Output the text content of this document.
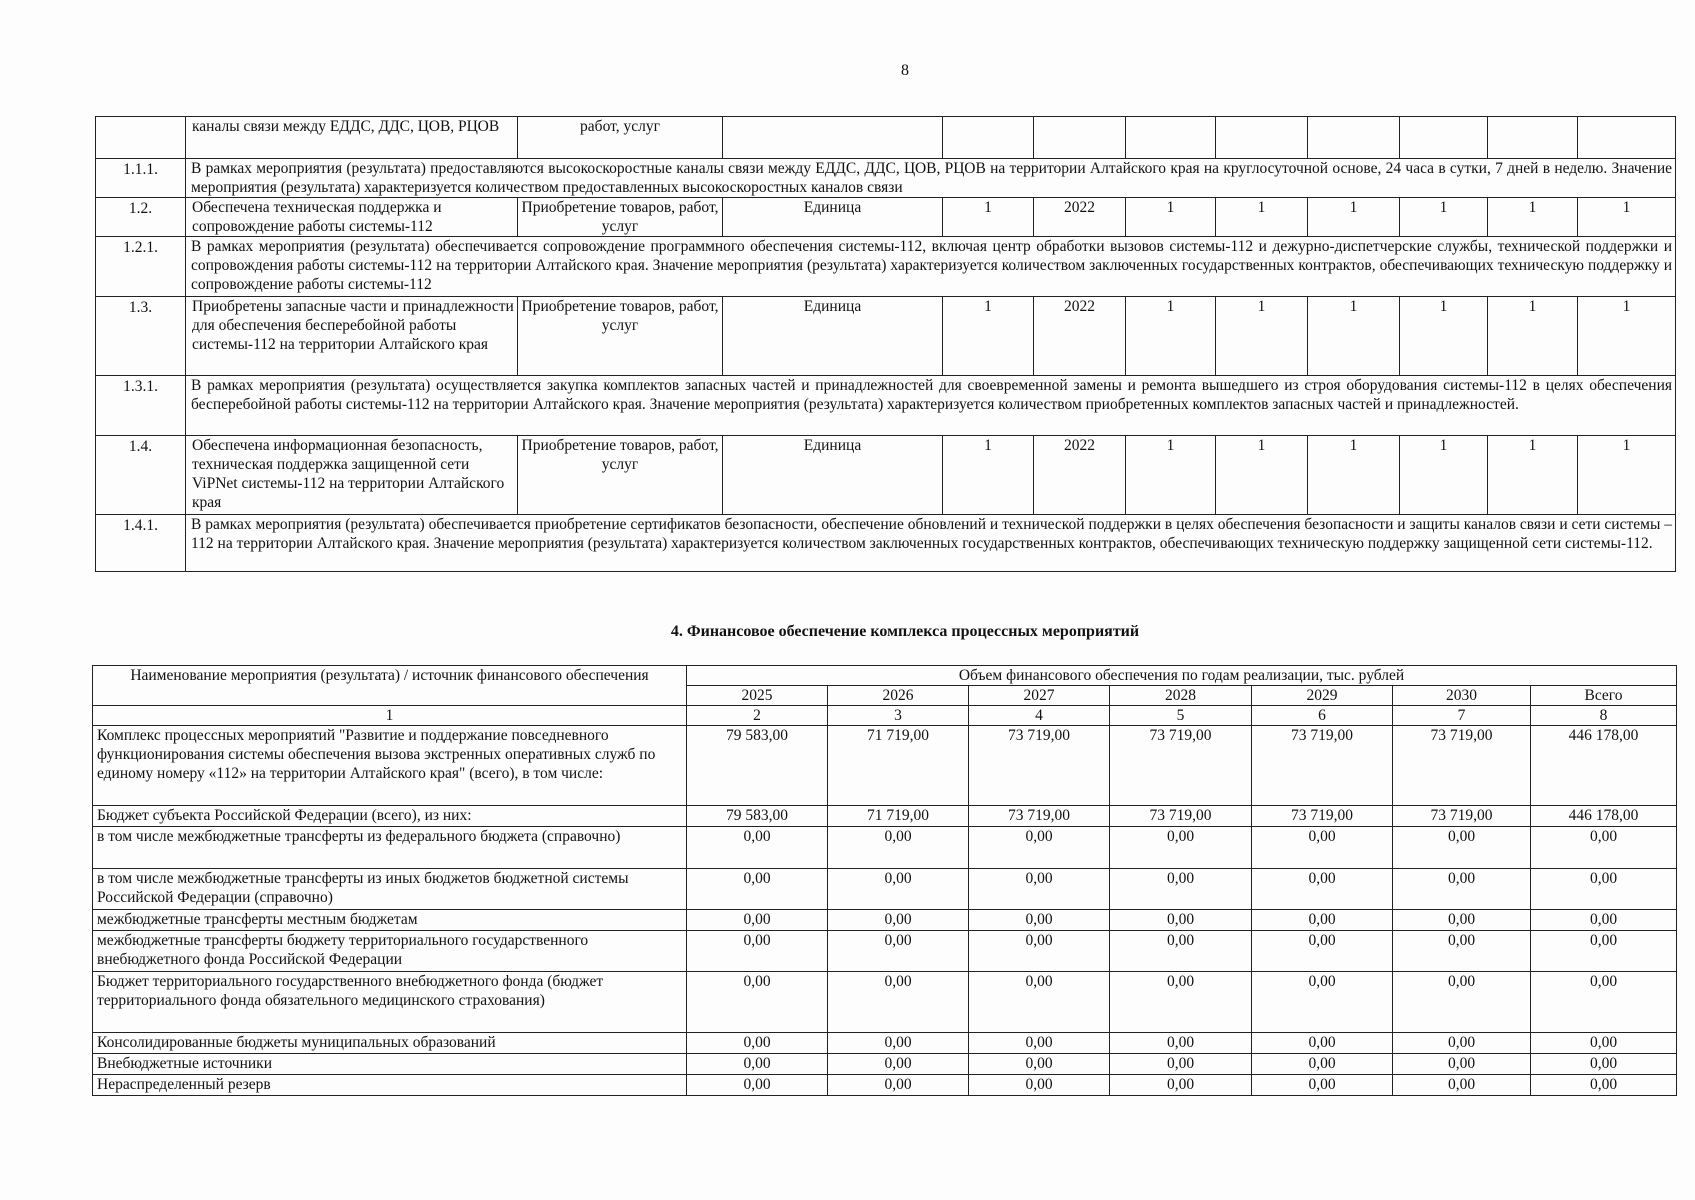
8
	каналы связи между ЕДДС, ДДС, ЦОВ, РЦОВ	работ, услуг									
1.1.1.	В рамках мероприятия (результата) предоставляются высокоскоростные каналы связи между ЕДДС, ДДС, ЦОВ, РЦОВ на территории Алтайского края на круглосуточной основе, 24 часа в сутки, 7 дней в неделю. Значение мероприятия (результата) характеризуется количеством предоставленных высокоскоростных каналов связи										
1.2.	Обеспечена техническая поддержка и сопровождение работы системы-112	Приобретение товаров, работ, услуг	Единица	1	2022	1	1	1	1	1	1
1.2.1.	В рамках мероприятия (результата) обеспечивается сопровождение программного обеспечения системы-112, включая центр обработки вызовов системы-112 и дежурно-диспетчерские службы, технической поддержки и сопровождения работы системы-112 на территории Алтайского края. Значение мероприятия (результата) характеризуется количеством заключенных государственных контрактов, обеспечивающих техническую поддержку и сопровождение работы системы-112										
1.3.	Приобретены запасные части и принадлежности для обеспечения бесперебойной работы системы-112 на территории Алтайского края	Приобретение товаров, работ, услуг	Единица	1	2022	1	1	1	1	1	1
1.3.1.	В рамках мероприятия (результата) осуществляется закупка комплектов запасных частей и принадлежностей для своевременной замены и ремонта вышедшего из строя оборудования системы-112 в целях обеспечения бесперебойной работы системы-112 на территории Алтайского края. Значение мероприятия (результата) характеризуется количеством приобретенных комплектов запасных частей и принадлежностей.										
1.4.	Обеспечена информационная безопасность, техническая поддержка защищенной сети ViPNet системы-112 на территории Алтайского края	Приобретение товаров, работ, услуг	Единица	1	2022	1	1	1	1	1	1
1.4.1.	В рамках мероприятия (результата) обеспечивается приобретение сертификатов безопасности, обеспечение обновлений и технической поддержки в целях обеспечения безопасности и защиты каналов связи и сети системы – 112 на территории Алтайского края. Значение мероприятия (результата) характеризуется количеством заключенных государственных контрактов, обеспечивающих техническую поддержку защищенной сети системы-112.										
4. Финансовое обеспечение комплекса процессных мероприятий
Наименование мероприятия (результата) / источник финансового обеспечения	Объем финансового обеспечения по годам реализации, тыс. рублей						
	2025	2026	2027	2028	2029	2030	Всего
1	2	3	4	5	6	7	8
Комплекс процессных мероприятий "Развитие и поддержание повседневного функционирования системы обеспечения вызова экстренных оперативных служб по единому номеру «112» на территории Алтайского края" (всего), в том числе:	79 583,00	71 719,00	73 719,00	73 719,00	73 719,00	73 719,00	446 178,00
Бюджет субъекта Российской Федерации (всего), из них:	79 583,00	71 719,00	73 719,00	73 719,00	73 719,00	73 719,00	446 178,00
в том числе межбюджетные трансферты из федерального бюджета (справочно)	0,00	0,00	0,00	0,00	0,00	0,00	0,00
в том числе межбюджетные трансферты из иных бюджетов бюджетной системы Российской Федерации (справочно)	0,00	0,00	0,00	0,00	0,00	0,00	0,00
межбюджетные трансферты местным бюджетам	0,00	0,00	0,00	0,00	0,00	0,00	0,00
межбюджетные трансферты бюджету территориального государственного внебюджетного фонда Российской Федерации	0,00	0,00	0,00	0,00	0,00	0,00	0,00
Бюджет территориального государственного внебюджетного фонда (бюджет территориального фонда обязательного медицинского страхования)	0,00	0,00	0,00	0,00	0,00	0,00	0,00
Консолидированные бюджеты муниципальных образований	0,00	0,00	0,00	0,00	0,00	0,00	0,00
Внебюджетные источники	0,00	0,00	0,00	0,00	0,00	0,00	0,00
Нераспределенный резерв	0,00	0,00	0,00	0,00	0,00	0,00	0,00
